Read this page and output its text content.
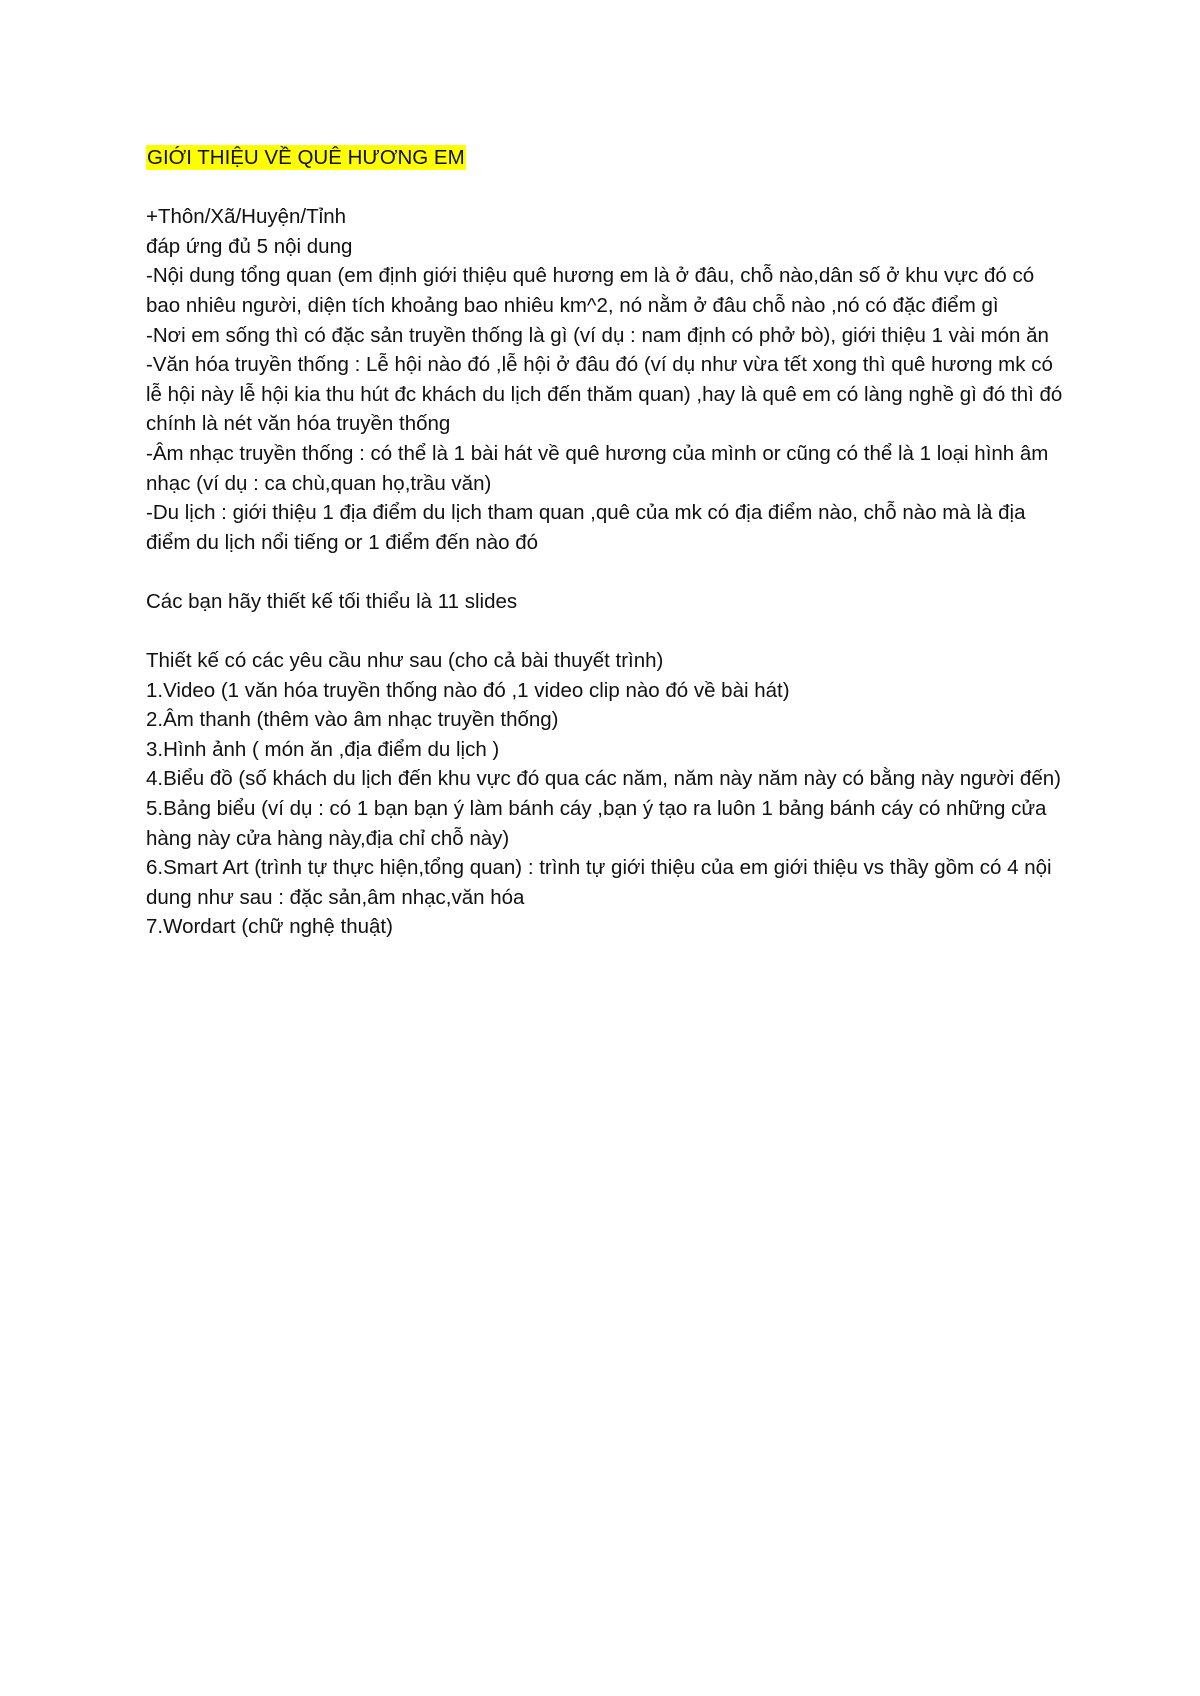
GIỚI THIỆU VỀ QUÊ HƯƠNG EM
+Thôn/Xã/Huyện/Tỉnh
đáp ứng đủ 5 nội dung
-Nội dung tổng quan (em định giới thiệu quê hương em là ở đâu, chỗ nào,dân số ở khu vực đó có bao nhiêu người, diện tích khoảng bao nhiêu km^2, nó nằm ở đâu chỗ nào ,nó có đặc điểm gì
-Nơi em sống thì có đặc sản truyền thống là gì (ví dụ : nam định có phở bò), giới thiệu 1 vài món ăn
-Văn hóa truyền thống : Lễ hội nào đó ,lễ hội ở đâu đó (ví dụ như vừa tết xong thì quê hương mk có lễ hội này lễ hội kia thu hút đc khách du lịch đến thăm quan) ,hay là quê em có làng nghề gì đó thì đó chính là nét văn hóa truyền thống
-Âm nhạc truyền thống : có thể là 1 bài hát về quê hương của mình or cũng có thể là 1 loại hình âm nhạc (ví dụ : ca chù,quan họ,trầu văn)
-Du lịch : giới thiệu 1 địa điểm du lịch tham quan ,quê của mk có địa điểm nào, chỗ nào mà là địa điểm du lịch nổi tiếng or 1 điểm đến nào đó
Các bạn hãy thiết kế tối thiểu là 11 slides
Thiết kế có các yêu cầu như sau (cho cả bài thuyết trình)
1.Video (1 văn hóa truyền thống nào đó ,1 video clip nào đó về bài hát)
2.Âm thanh (thêm vào âm nhạc truyền thống)
3.Hình ảnh ( món ăn ,địa điểm du lịch )
4.Biểu đồ (số khách du lịch đến khu vực đó qua các năm, năm này năm này có bằng này người đến)
5.Bảng biểu (ví dụ : có 1 bạn bạn ý làm bánh cáy ,bạn ý tạo ra luôn 1 bảng bánh cáy có những cửa hàng này cửa hàng này,địa chỉ chỗ này)
6.Smart Art (trình tự thực hiện,tổng quan) : trình tự giới thiệu của em giới thiệu vs thầy gồm có 4 nội dung như sau : đặc sản,âm nhạc,văn hóa
7.Wordart (chữ nghệ thuật)
